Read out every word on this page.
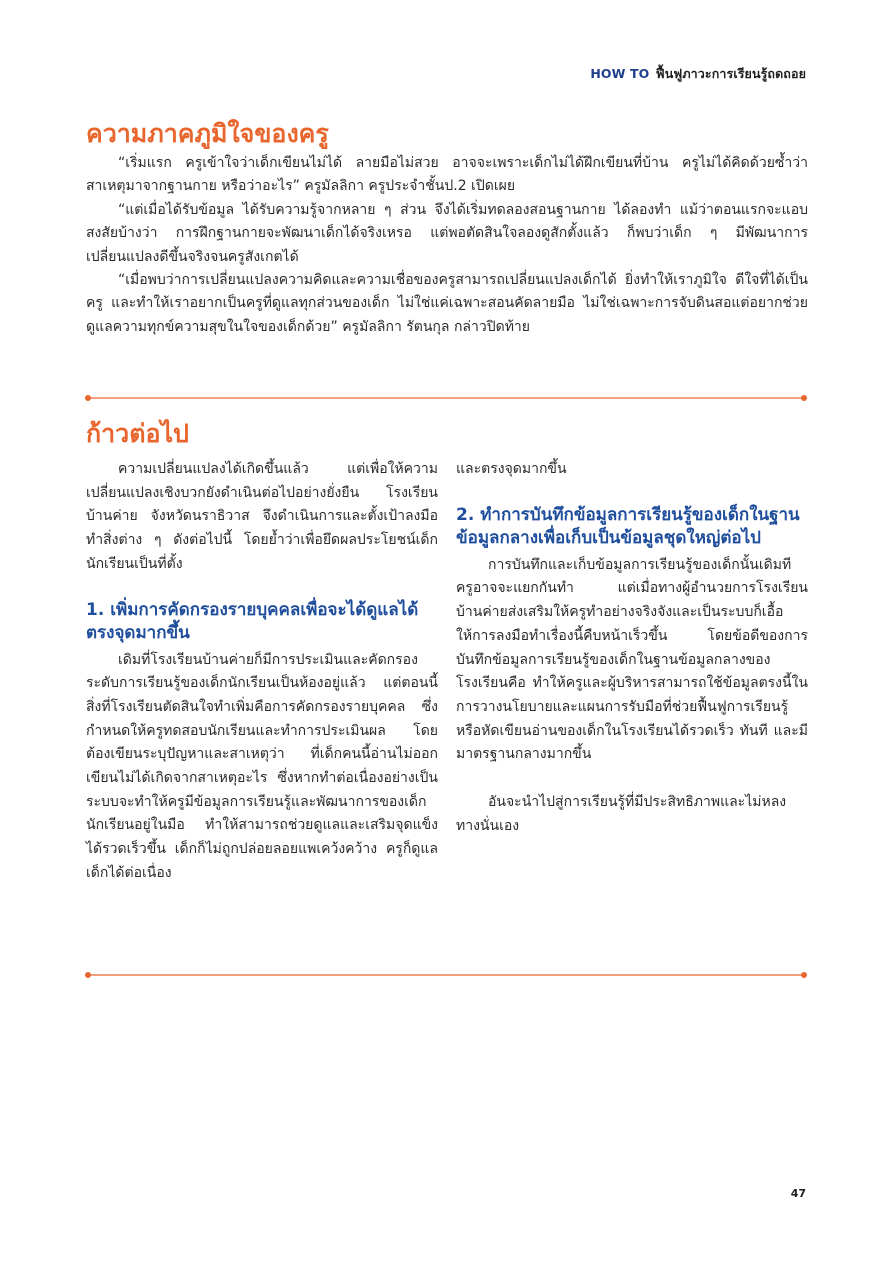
HOW TO ฟื้นฟูภาวะการเรียนรู้ถดถอย
ความภาคภูมิใจของครู

“เริ่มแรก ครูเข้าใจว่าเด็กเขียนไม่ได้ ลายมือไม่สวย อาจจะเพราะเด็กไม่ได้ฝึกเขียนที่บ้าน ครูไม่ได้คิดด้วยซ้ำว่าสาเหตุมาจากฐานกาย หรือว่าอะไร” ครูมัลลิกา ครูประจำชั้นป.2 เปิดเผย

“แต่เมื่อได้รับข้อมูล ได้รับความรู้จากหลาย ๆ ส่วน จึงได้เริ่มทดลองสอนฐานกาย ได้ลองทำ แม้ว่าตอนแรกจะแอบสงสัยบ้างว่า การฝึกฐานกายจะพัฒนาเด็กได้จริงเหรอ แต่พอตัดสินใจลองดูสักตั้งแล้ว ก็พบว่าเด็ก ๆ มีพัฒนาการเปลี่ยนแปลงดีขึ้นจริงจนครูสังเกตได้

“เมื่อพบว่าการเปลี่ยนแปลงความคิดและความเชื่อของครูสามารถเปลี่ยนแปลงเด็กได้ ยิ่งทำให้เราภูมิใจ ดีใจที่ได้เป็นครู และทำให้เราอยากเป็นครูที่ดูแลทุกส่วนของเด็ก ไม่ใช่แค่เฉพาะสอนคัดลายมือ ไม่ใช่เฉพาะการจับดินสอแต่อยากช่วยดูแลความทุกข์ความสุขในใจของเด็กด้วย” ครูมัลลิกา รัตนกุล กล่าวปิดท้าย

ก้าวต่อไป

ความเปลี่ยนแปลงได้เกิดขึ้นแล้ว แต่เพื่อให้ความเปลี่ยนแปลงเชิงบวกยังดำเนินต่อไปอย่างยั่งยืน โรงเรียนบ้านค่าย จังหวัดนราธิวาส จึงดำเนินการและตั้งเป้าลงมือทำสิ่งต่าง ๆ ดังต่อไปนี้ โดยย้ำว่าเพื่อยึดผลประโยชน์เด็กนักเรียนเป็นที่ตั้ง

1. เพิ่มการคัดกรองรายบุคคลเพื่อจะได้ดูแลได้ตรงจุดมากขึ้น

เดิมที่โรงเรียนบ้านค่ายก็มีการประเมินและคัดกรองระดับการเรียนรู้ของเด็กนักเรียนเป็นห้องอยู่แล้ว แต่ตอนนี้สิ่งที่โรงเรียนตัดสินใจทำเพิ่มคือการคัดกรองรายบุคคล ซึ่งกำหนดให้ครูทดสอบนักเรียนและทำการประเมินผล โดยต้องเขียนระบุปัญหาและสาเหตุว่า ที่เด็กคนนี้อ่านไม่ออกเขียนไม่ได้เกิดจากสาเหตุอะไร ซึ่งหากทำต่อเนื่องอย่างเป็นระบบจะทำให้ครูมีข้อมูลการเรียนรู้และพัฒนาการของเด็กนักเรียนอยู่ในมือ ทำให้สามารถช่วยดูแลและเสริมจุดแข็งได้รวดเร็วขึ้น เด็กก็ไม่ถูกปล่อยลอยแพเคว้งคว้าง ครูก็ดูแลเด็กได้ต่อเนื่อง

และตรงจุดมากขึ้น

2. ทำการบันทึกข้อมูลการเรียนรู้ของเด็กในฐานข้อมูลกลางเพื่อเก็บเป็นข้อมูลชุดใหญ่ต่อไป

การบันทึกและเก็บข้อมูลการเรียนรู้ของเด็กนั้นเดิมทีครูอาจจะแยกกันทำ แต่เมื่อทางผู้อำนวยการโรงเรียนบ้านค่ายส่งเสริมให้ครูทำอย่างจริงจังและเป็นระบบก็เอื้อให้การลงมือทำเรื่องนี้คืบหน้าเร็วขึ้น โดยข้อดีของการบันทึกข้อมูลการเรียนรู้ของเด็กในฐานข้อมูลกลางของโรงเรียนคือ ทำให้ครูและผู้บริหารสามารถใช้ข้อมูลตรงนี้ในการวางนโยบายและแผนการรับมือที่ช่วยฟื้นฟูการเรียนรู้ หรือหัดเขียนอ่านของเด็กในโรงเรียนได้รวดเร็ว ทันที และมีมาตรฐานกลางมากขึ้น

อันจะนำไปสู่การเรียนรู้ที่มีประสิทธิภาพและไม่หลงทางนั่นเอง

47
